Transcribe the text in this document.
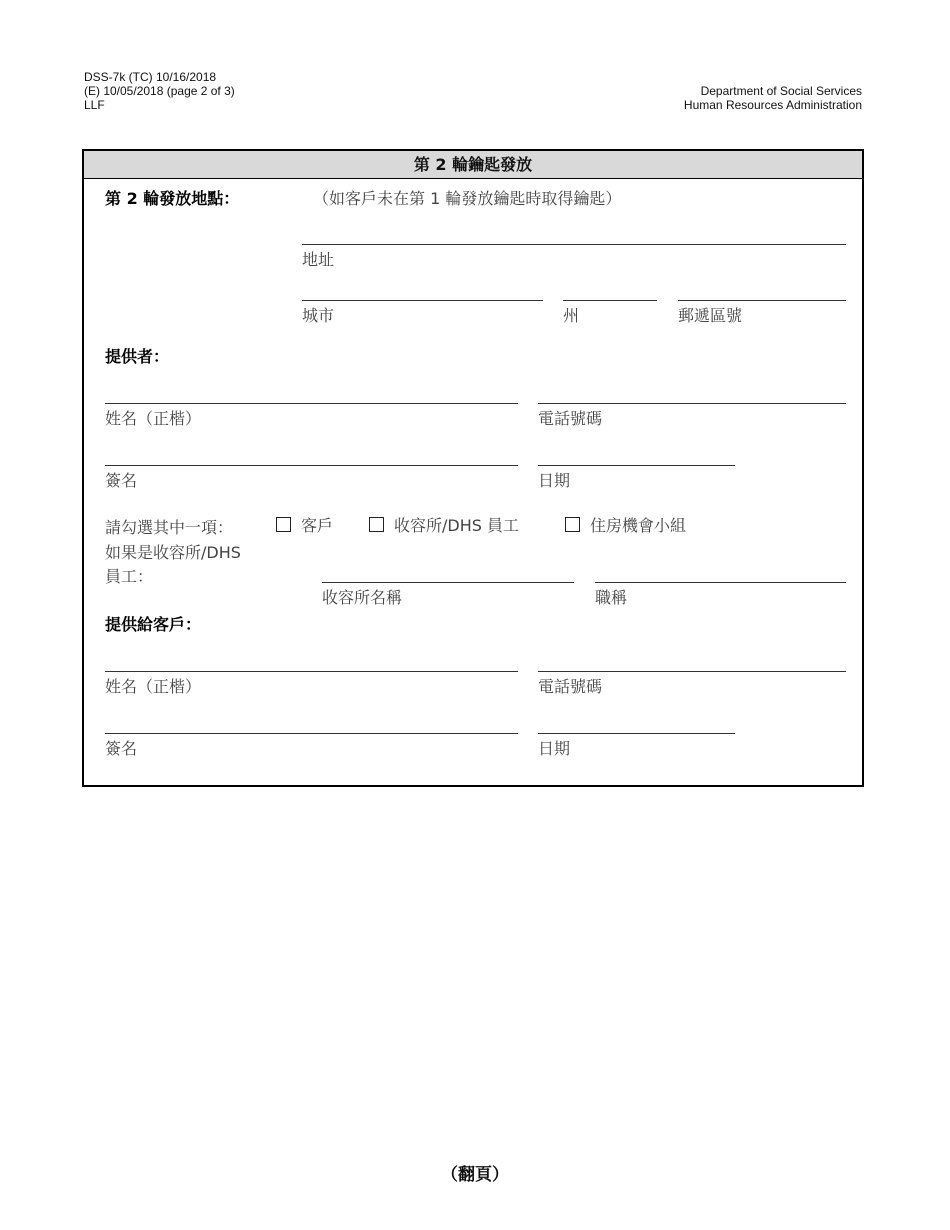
DSS-7k (TC) 10/16/2018
(E) 10/05/2018 (page 2 of 3)
LLF
Department of Social Services
Human Resources Administration
第 2 輪鑰匙發放
第 2 輪發放地點：	（如客戶未在第 1 輪發放鑰匙時取得鑰匙）
地址
城市	州	郵遞區號
提供者：
姓名（正楷）	電話號碼
簽名	日期
請勾選其中一項：	客戶	收容所/DHS 員工	住房機會小組
如果是收容所/DHS
員工：
收容所名稱	職稱
提供給客戶：
姓名（正楷）	電話號碼
簽名	日期
（翻頁）
